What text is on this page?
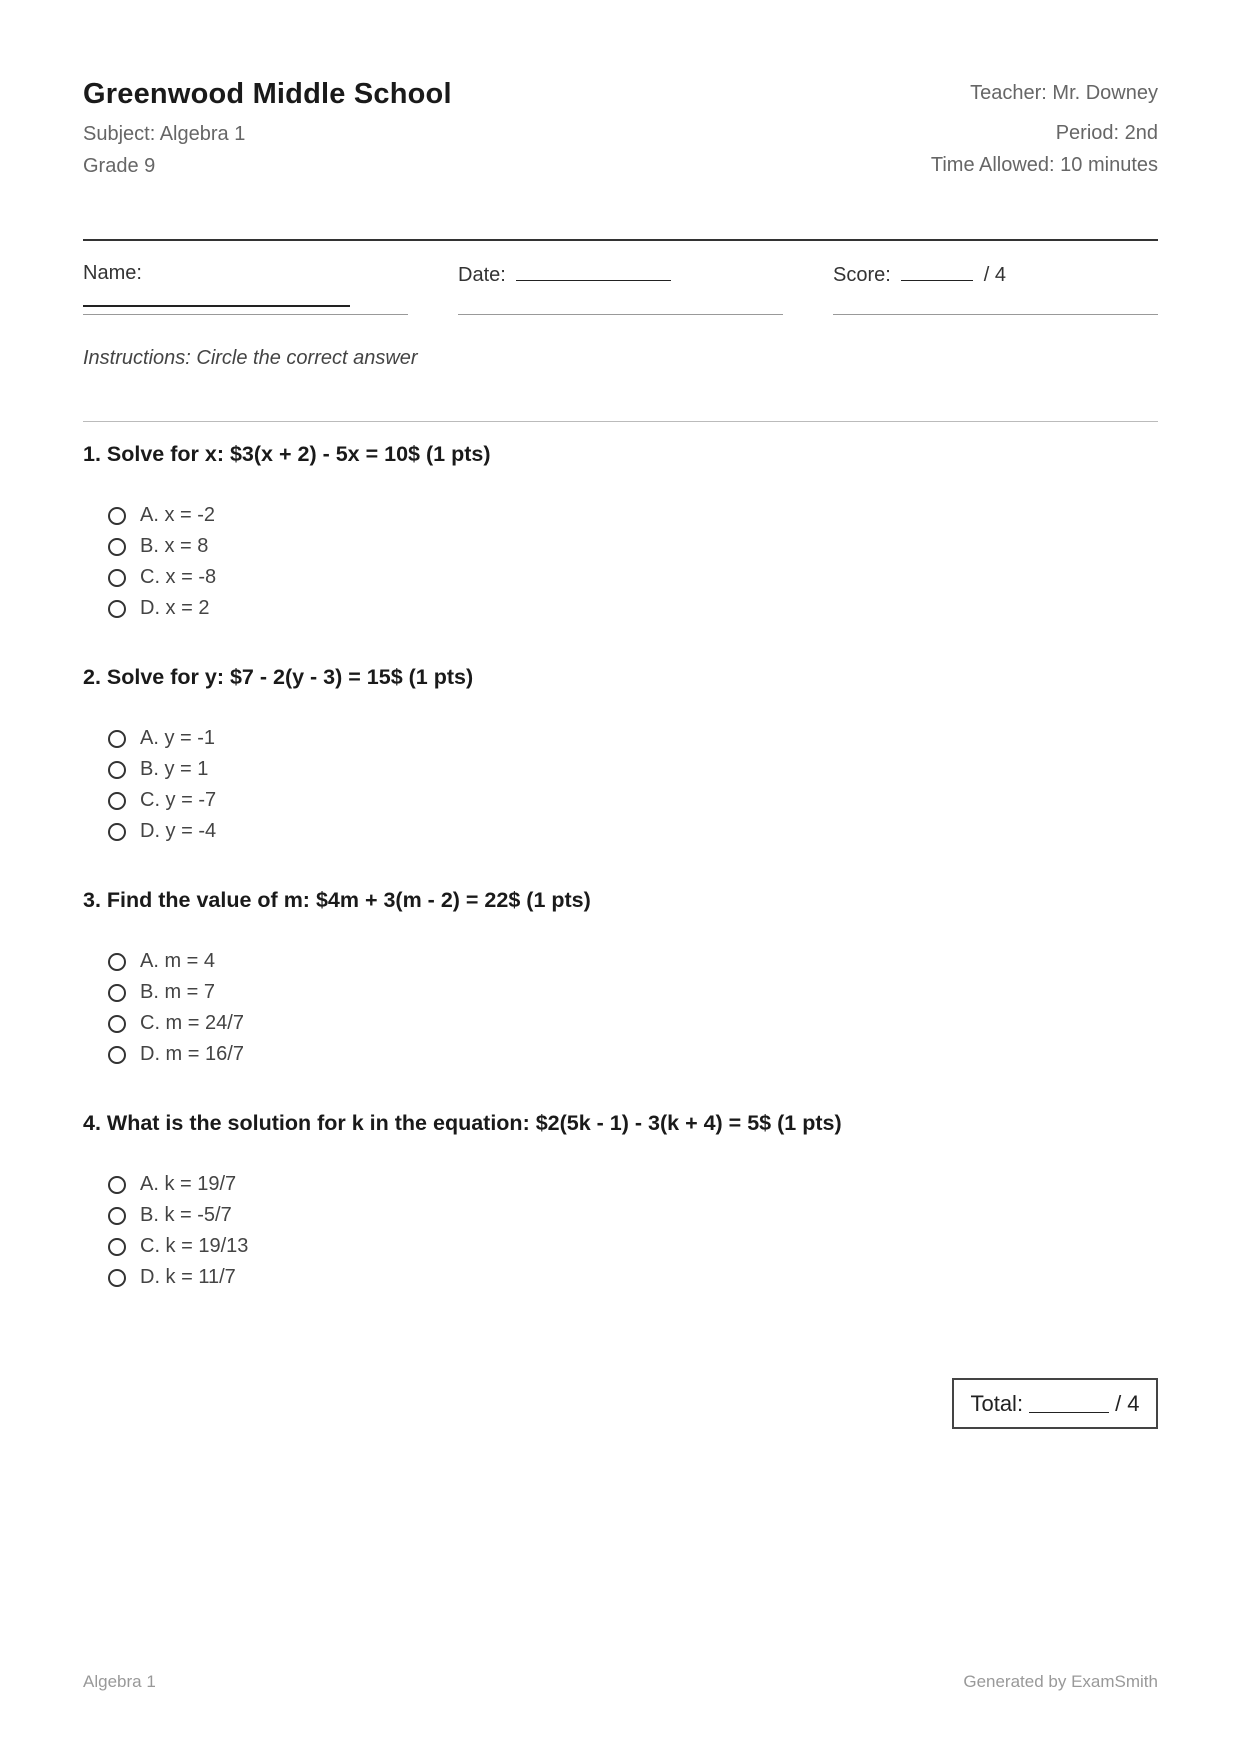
Greenwood Middle School
Subject: Algebra 1
Grade 9
Teacher: Mr. Downey
Period: 2nd
Time Allowed: 10 minutes
Name:	Date:	Score:	/ 4
Instructions: Circle the correct answer
1. Solve for x: $3(x + 2) - 5x = 10$ (1 pts)
A. x = -2
B. x = 8
C. x = -8
D. x = 2
2. Solve for y: $7 - 2(y - 3) = 15$ (1 pts)
A. y = -1
B. y = 1
C. y = -7
D. y = -4
3. Find the value of m: $4m + 3(m - 2) = 22$ (1 pts)
A. m = 4
B. m = 7
C. m = 24/7
D. m = 16/7
4. What is the solution for k in the equation: $2(5k - 1) - 3(k + 4) = 5$ (1 pts)
A. k = 19/7
B. k = -5/7
C. k = 19/13
D. k = 11/7
Total:	/ 4
Algebra 1	Generated by ExamSmith
